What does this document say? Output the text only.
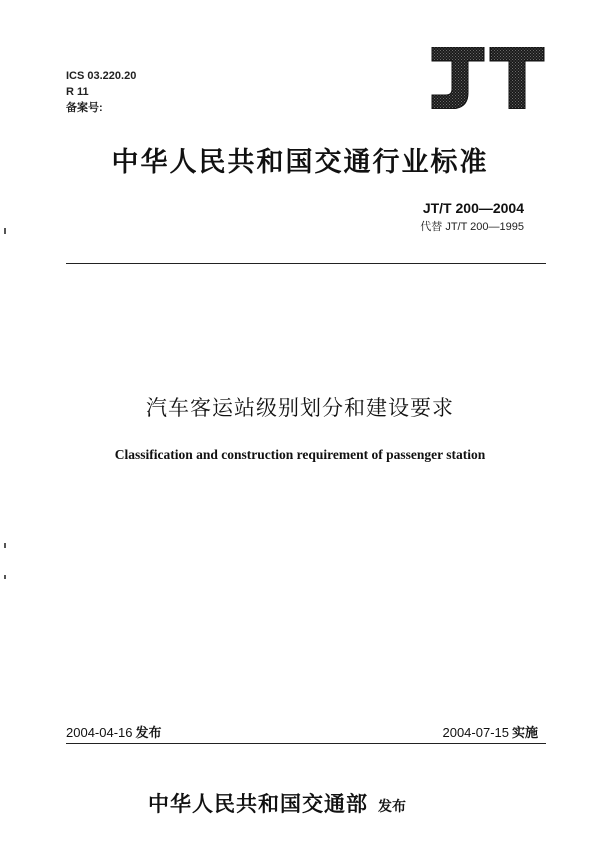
ICS 03.220.20
R 11
备案号:
中华人民共和国交通行业标准
JT/T 200—2004
代替 JT/T 200—1995
汽车客运站级别划分和建设要求
Classification and construction requirement of passenger station
2004-04-16 发布	2004-07-15 实施
中华人民共和国交通部 发布
